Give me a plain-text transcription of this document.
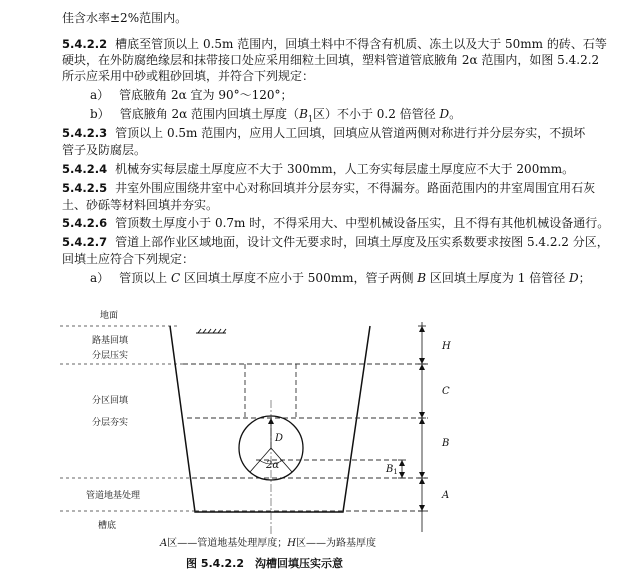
佳含水率±2%范围内。
5.4.2.2 槽底至管顶以上 0.5m 范围内，回填土料中不得含有机质、冻土以及大于 50mm 的砖、石等
硬块，在外防腐绝缘层和抹带接口处应采用细粒土回填，塑料管道管底腋角 2α 范围内，如图 5.4.2.2
所示应采用中砂或粗砂回填，并符合下列规定：
a） 管底腋角 2α 宜为 90°～120°；
b） 管底腋角 2α 范围内回填土厚度（$B_1$区）不小于 0.2 倍管径 D。
5.4.2.3 管顶以上 0.5m 范围内，应用人工回填，回填应从管道两侧对称进行并分层夯实，不损坏
管子及防腐层。
5.4.2.4 机械夯实每层虚土厚度应不大于 300mm，人工夯实每层虚土厚度应不大于 200mm。
5.4.2.5 井室外围应围绕井室中心对称回填并分层夯实，不得漏夯。路面范围内的井室周围宜用石灰
土、砂砾等材料回填并夯实。
5.4.2.6 管顶数土厚度小于 0.7m 时，不得采用大、中型机械设备压实，且不得有其他机械设备通行。
5.4.2.7 管道上部作业区域地面，设计文件无要求时，回填土厚度及压实系数要求按图 5.4.2.2 分区，
回填土应符合下列规定：
a） 管顶以上 C 区回填土厚度不应小于 500mm，管子两侧 B 区回填土厚度为 1 倍管径 D；
地面
路基回填
分层压实
分区回填
分层夯实
管道地基处理
槽底
D
2α
H
C
B
$B_1$
A
A区——管道地基处理厚度；H区——为路基厚度
图 5.4.2.2　沟槽回填压实示意
